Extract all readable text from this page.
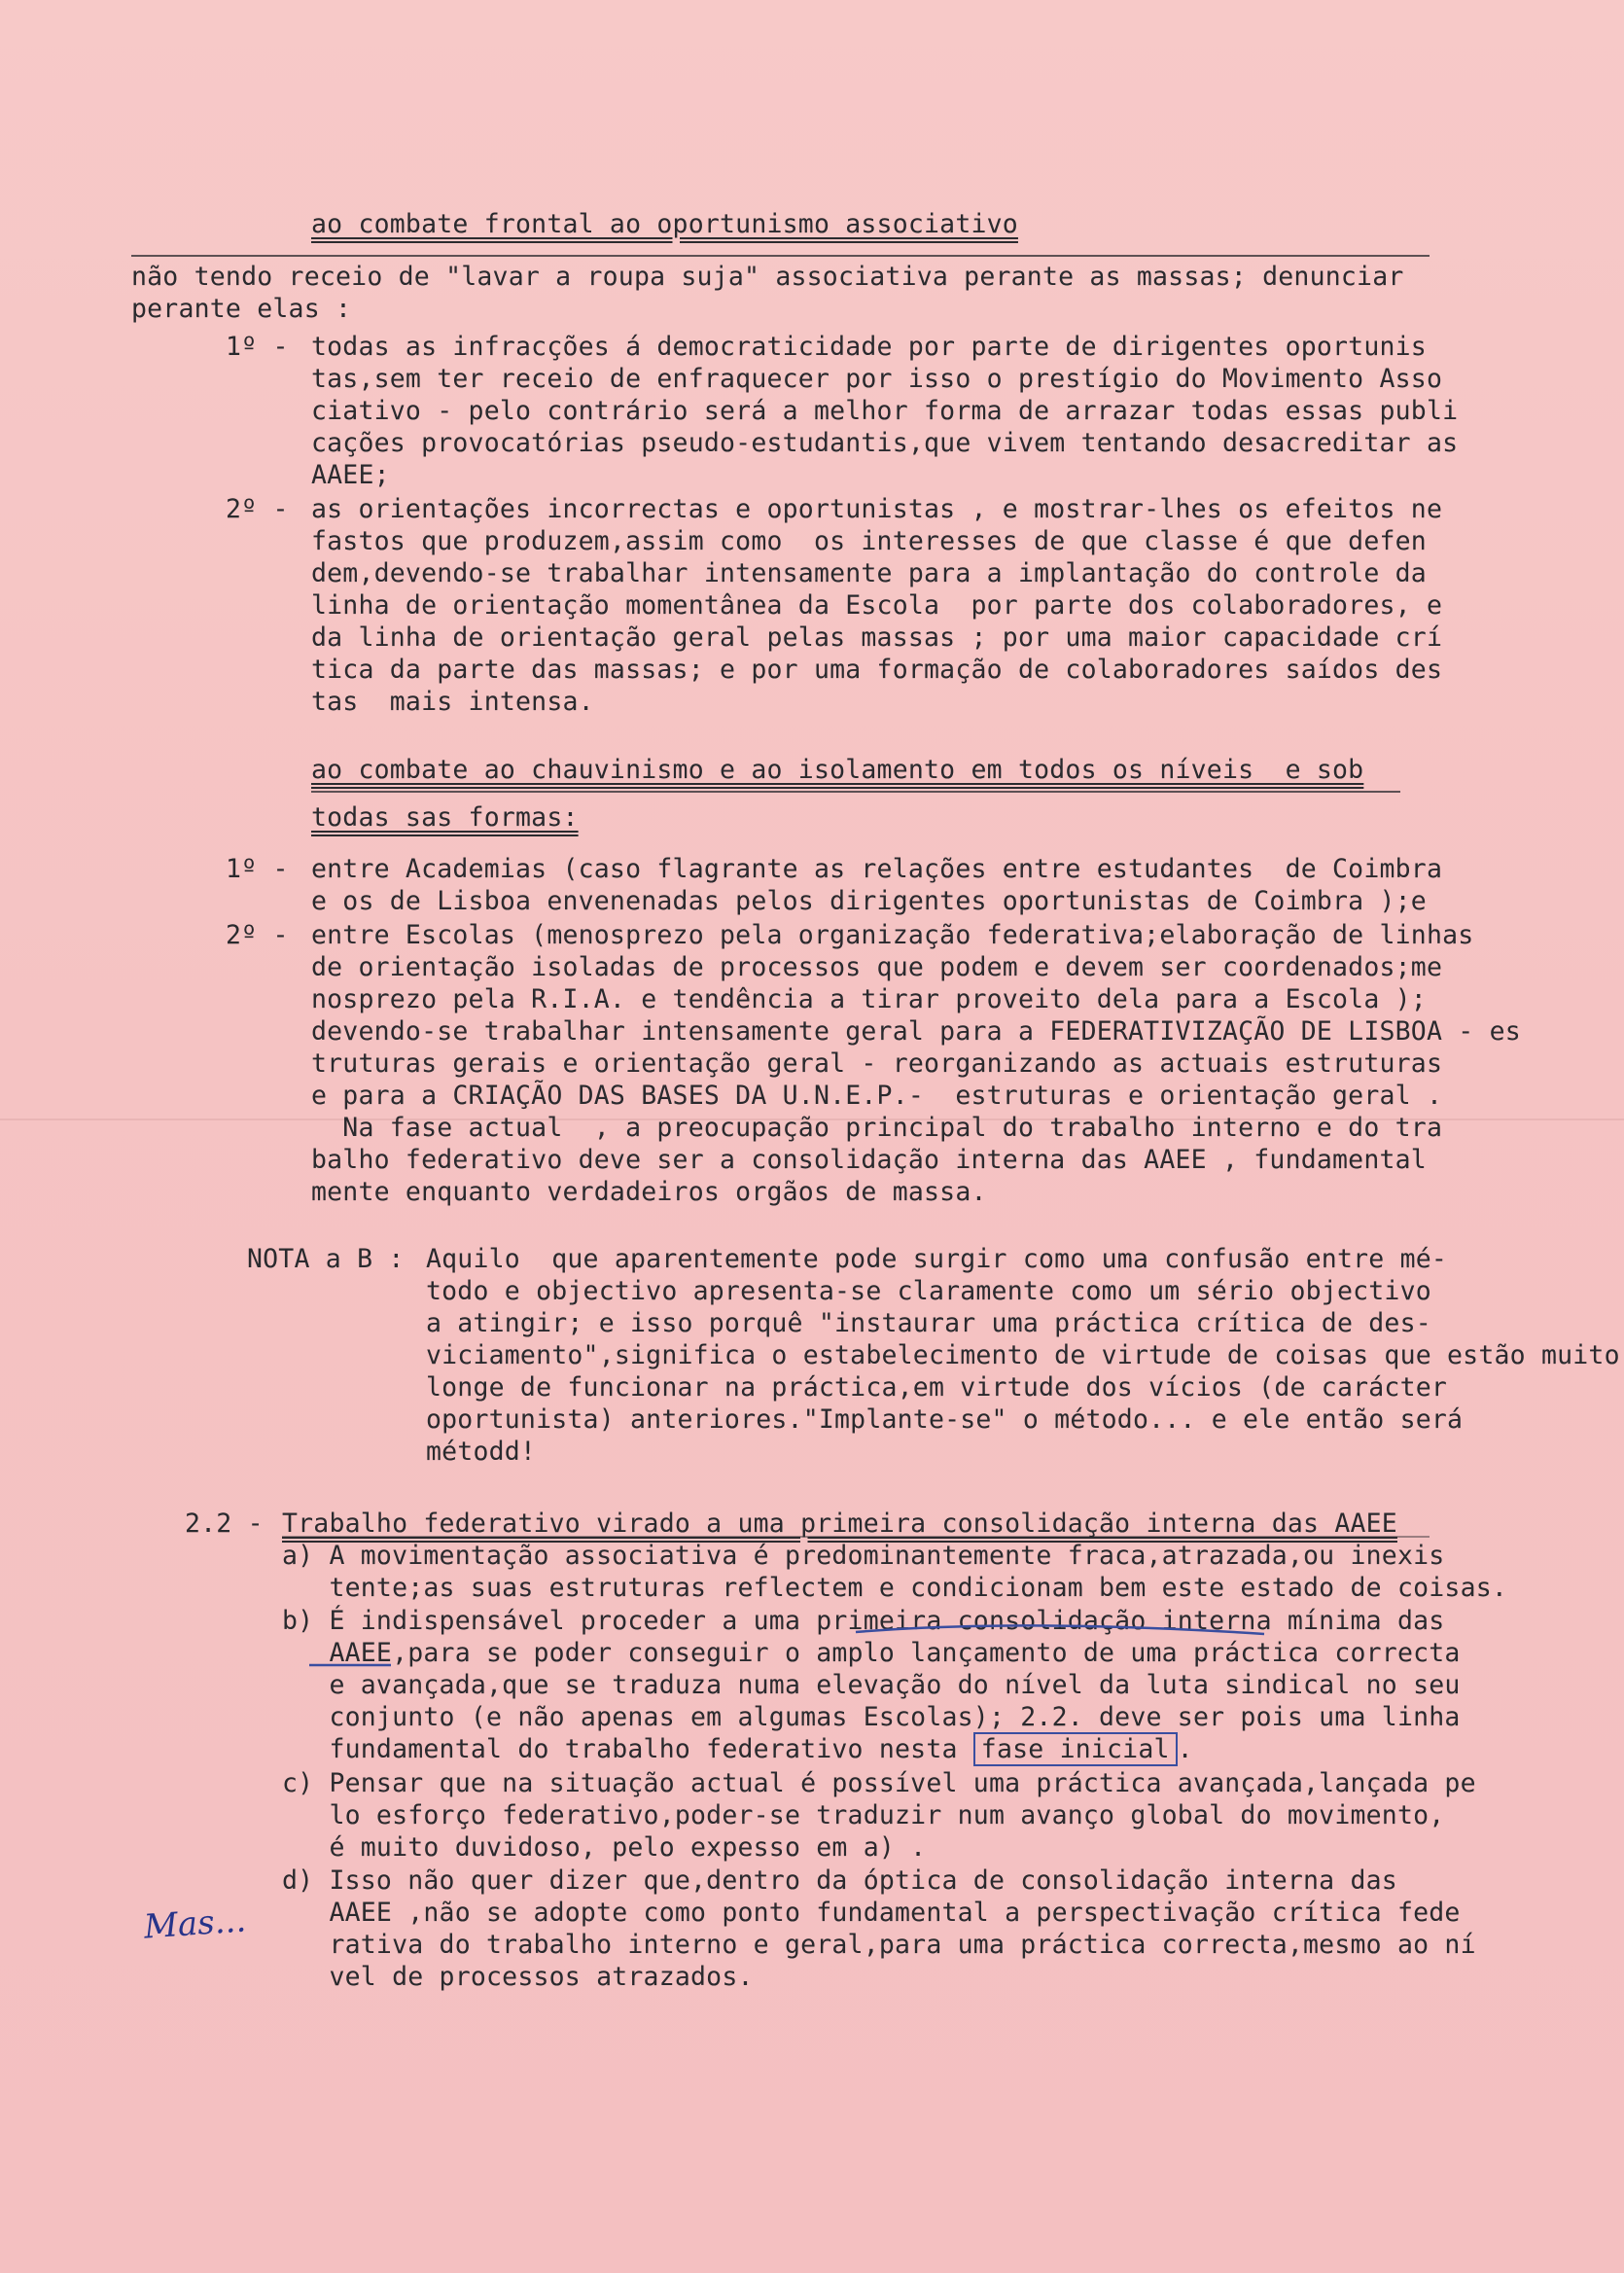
ao combate frontal ao oportunismo associativo
não tendo receio de "lavar a roupa suja" associativa perante as massas; denunciar
perante elas :
1º - todas as infracções á democraticidade por parte de dirigentes oportunis
tas,sem ter receio de enfraquecer por isso o prestígio do Movimento Asso
ciativo - pelo contrário será a melhor forma de arrazar todas essas publi
cações provocatórias pseudo-estudantis,que vivem tentando desacreditar as
AAEE;
2º - as orientações incorrectas e oportunistas , e mostrar-lhes os efeitos ne
fastos que produzem,assim como  os interesses de que classe é que defen
dem,devendo-se trabalhar intensamente para a implantação do controle da
linha de orientação momentânea da Escola  por parte dos colaboradores, e
da linha de orientação geral pelas massas ; por uma maior capacidade crí
tica da parte das massas; e por uma formação de colaboradores saídos des
tas  mais intensa.
ao combate ao chauvinismo e ao isolamento em todos os níveis  e sob
todas sas formas:
1º - entre Academias (caso flagrante as relações entre estudantes  de Coimbra
e os de Lisboa envenenadas pelos dirigentes oportunistas de Coimbra );e
2º - entre Escolas (menosprezo pela organização federativa;elaboração de linhas
de orientação isoladas de processos que podem e devem ser coordenados;me
nosprezo pela R.I.A. e tendência a tirar proveito dela para a Escola );
devendo-se trabalhar intensamente geral para a FEDERATIVIZAÇÃO DE LISBOA - es
truturas gerais e orientação geral - reorganizando as actuais estruturas
e para a CRIAÇÃO DAS BASES DA U.N.E.P.-  estruturas e orientação geral .
Na fase actual  , a preocupação principal do trabalho interno e do tra
balho federativo deve ser a consolidação interna das AAEE , fundamental
mente enquanto verdadeiros orgãos de massa.
NOTA a B : Aquilo  que aparentemente pode surgir como uma confusão entre mé-
todo e objectivo apresenta-se claramente como um sério objectivo
a atingir; e isso porquê "instaurar uma práctica crítica de des-
viciamento",significa o estabelecimento de virtude de coisas que estão muito
longe de funcionar na práctica,em virtude dos vícios (de carácter
oportunista) anteriores."Implante-se" o método... e ele então será
métodd!
2.2 - Trabalho federativo virado a uma primeira consolidação interna das AAEE
a) A movimentação associativa é predominantemente fraca,atrazada,ou inexis
tente;as suas estruturas reflectem e condicionam bem este estado de coisas.
b) É indispensável proceder a uma primeira consolidação interna mínima das
AAEE,para se poder conseguir o amplo lançamento de uma práctica correcta
e avançada,que se traduza numa elevação do nível da luta sindical no seu
conjunto (e não apenas em algumas Escolas); 2.2. deve ser pois uma linha
fundamental do trabalho federativo nesta fase inicial .
c) Pensar que na situação actual é possível uma práctica avançada,lançada pe
lo esforço federativo,poder-se traduzir num avanço global do movimento,
é muito duvidoso, pelo expesso em a) .
d) Isso não quer dizer que,dentro da óptica de consolidação interna das
AAEE ,não se adopte como ponto fundamental a perspectivação crítica fede
rativa do trabalho interno e geral,para uma práctica correcta,mesmo ao ní
vel de processos atrazados.
Mas...
